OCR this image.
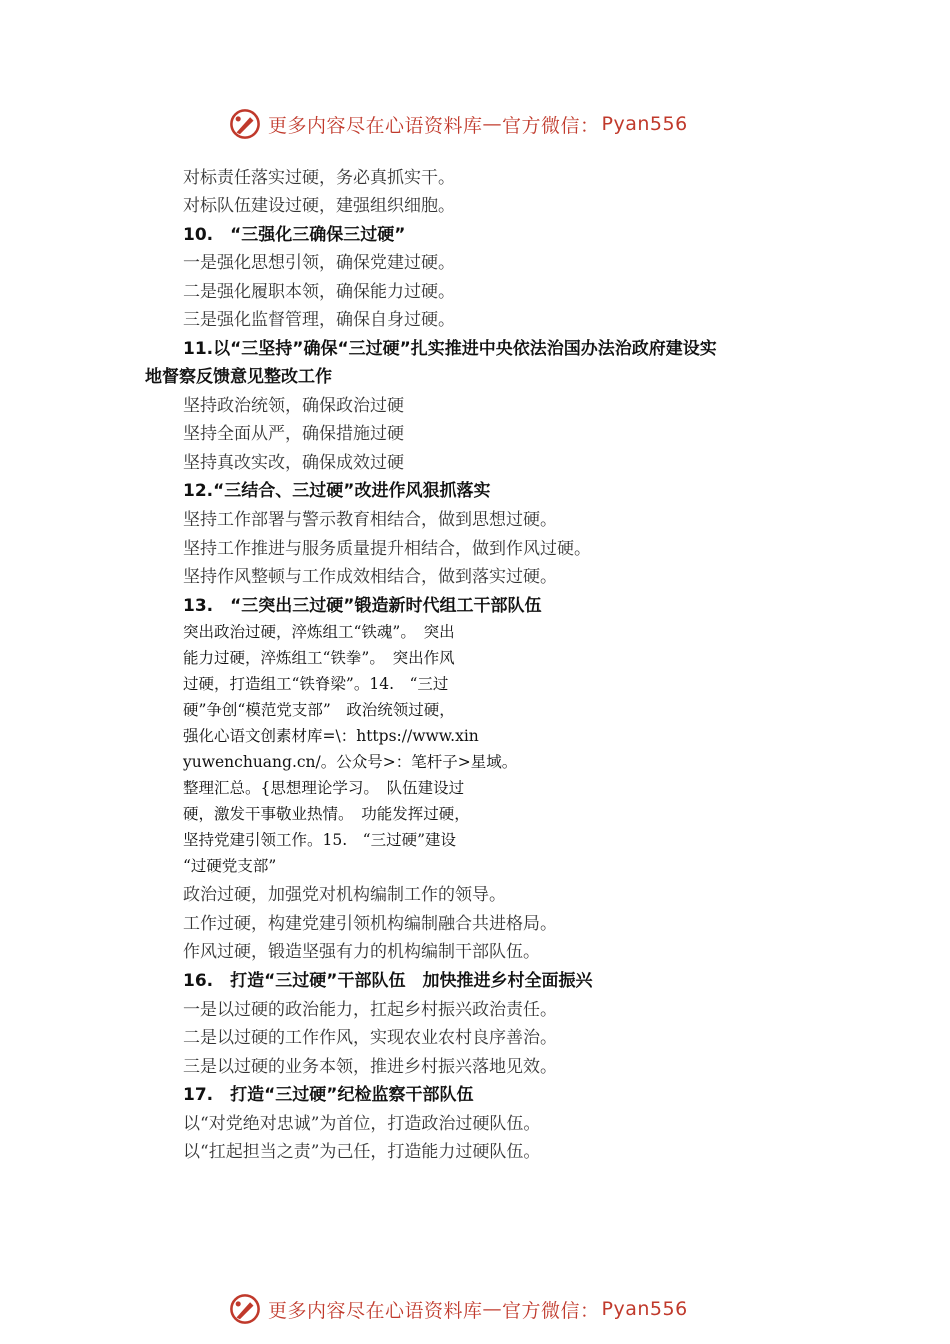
更多内容尽在心语资料库 — 官方微信： Pyan556
对标责任落实过硬，务必真抓实干。
对标队伍建设过硬，建强组织细胞。
10.　“三强化三确保三过硬”
一是强化思想引领，确保党建过硬。
二是强化履职本领，确保能力过硬。
三是强化监督管理，确保自身过硬。
11.以“三坚持”确保“三过硬”扎实推进中央依法治国办法治政府建设实
地督察反馈意见整改工作
坚持政治统领，确保政治过硬
坚持全面从严，确保措施过硬
坚持真改实改，确保成效过硬
12.“三结合、三过硬”改进作风狠抓落实
坚持工作部署与警示教育相结合，做到思想过硬。
坚持工作推进与服务质量提升相结合，做到作风过硬。
坚持作风整顿与工作成效相结合，做到落实过硬。
13.　“三突出三过硬”锻造新时代组工干部队伍
突出政治过硬，淬炼组工“铁魂”。　突出
能力过硬，淬炼组工“铁拳”。　突出作风
过硬，打造组工“铁脊梁”。14.　“三过
硬”争创“模范党支部”　政治统领过硬，
强化心语文创素材库=\：https://www.xin
yuwenchuang.cn/。公众号>：笔杆子>星域。
整理汇总。{思想理论学习。　队伍建设过
硬，激发干事敬业热情。　功能发挥过硬，
坚持党建引领工作。15.　“三过硬”建设
“过硬党支部”
政治过硬，加强党对机构编制工作的领导。
工作过硬，构建党建引领机构编制融合共进格局。
作风过硬，锻造坚强有力的机构编制干部队伍。
16.　打造“三过硬”干部队伍　加快推进乡村全面振兴
一是以过硬的政治能力，扛起乡村振兴政治责任。
二是以过硬的工作作风，实现农业农村良序善治。
三是以过硬的业务本领，推进乡村振兴落地见效。
17.　打造“三过硬”纪检监察干部队伍
以“对党绝对忠诚”为首位，打造政治过硬队伍。
以“扛起担当之责”为己任，打造能力过硬队伍。
更多内容尽在心语资料库 — 官方微信： Pyan556
